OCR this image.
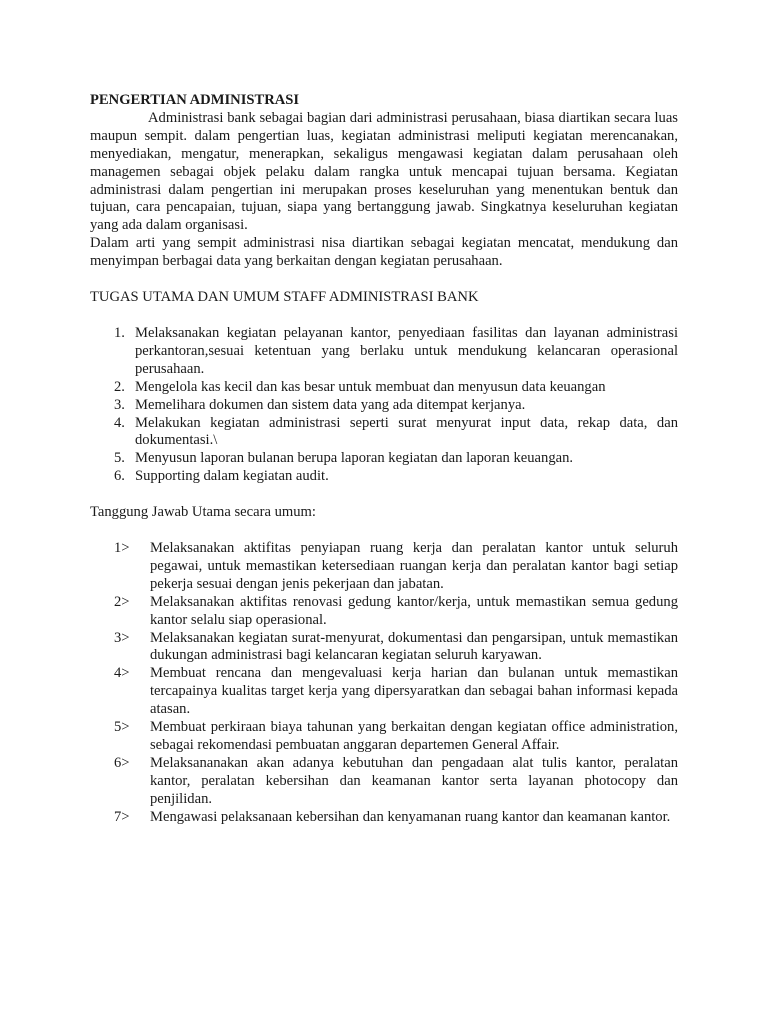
PENGERTIAN ADMINISTRASI

Administrasi bank sebagai bagian dari administrasi perusahaan, biasa diartikan secara luas maupun sempit. dalam pengertian luas, kegiatan administrasi meliputi kegiatan merencanakan, menyediakan, mengatur, menerapkan, sekaligus mengawasi kegiatan dalam perusahaan oleh managemen sebagai objek pelaku dalam rangka untuk mencapai tujuan bersama. Kegiatan administrasi dalam pengertian ini merupakan proses keseluruhan yang menentukan bentuk dan tujuan, cara pencapaian, tujuan, siapa yang bertanggung jawab. Singkatnya keseluruhan kegiatan yang ada dalam organisasi.

Dalam arti yang sempit administrasi nisa diartikan sebagai kegiatan mencatat, mendukung dan menyimpan berbagai data yang berkaitan dengan kegiatan perusahaan.

TUGAS UTAMA DAN UMUM STAFF ADMINISTRASI BANK

1. Melaksanakan kegiatan pelayanan kantor, penyediaan fasilitas dan layanan administrasi perkantoran,sesuai ketentuan yang berlaku untuk mendukung kelancaran operasional perusahaan.
2. Mengelola kas kecil dan kas besar untuk membuat dan menyusun data keuangan
3. Memelihara dokumen dan sistem data yang ada ditempat kerjanya.
4. Melakukan kegiatan administrasi seperti surat menyurat input data, rekap data, dan dokumentasi.\
5. Menyusun laporan bulanan berupa laporan kegiatan dan laporan keuangan.
6. Supporting dalam kegiatan audit.

Tanggung Jawab Utama secara umum:

1> Melaksanakan aktifitas penyiapan ruang kerja dan peralatan kantor untuk seluruh pegawai, untuk memastikan ketersediaan ruangan kerja dan peralatan kantor bagi setiap pekerja sesuai dengan jenis pekerjaan dan jabatan.
2> Melaksanakan aktifitas renovasi gedung kantor/kerja, untuk memastikan semua gedung kantor selalu siap operasional.
3> Melaksanakan kegiatan surat-menyurat, dokumentasi dan pengarsipan, untuk memastikan dukungan administrasi bagi kelancaran kegiatan seluruh karyawan.
4> Membuat rencana dan mengevaluasi kerja harian dan bulanan untuk memastikan tercapainya kualitas target kerja yang dipersyaratkan dan sebagai bahan informasi kepada atasan.
5> Membuat perkiraan biaya tahunan yang berkaitan dengan kegiatan office administration, sebagai rekomendasi pembuatan anggaran departemen General Affair.
6> Melaksananakan akan adanya kebutuhan dan pengadaan alat tulis kantor, peralatan kantor, peralatan kebersihan dan keamanan kantor serta layanan photocopy dan penjilidan.
7> Mengawasi pelaksanaan kebersihan dan kenyamanan ruang kantor dan keamanan kantor.
